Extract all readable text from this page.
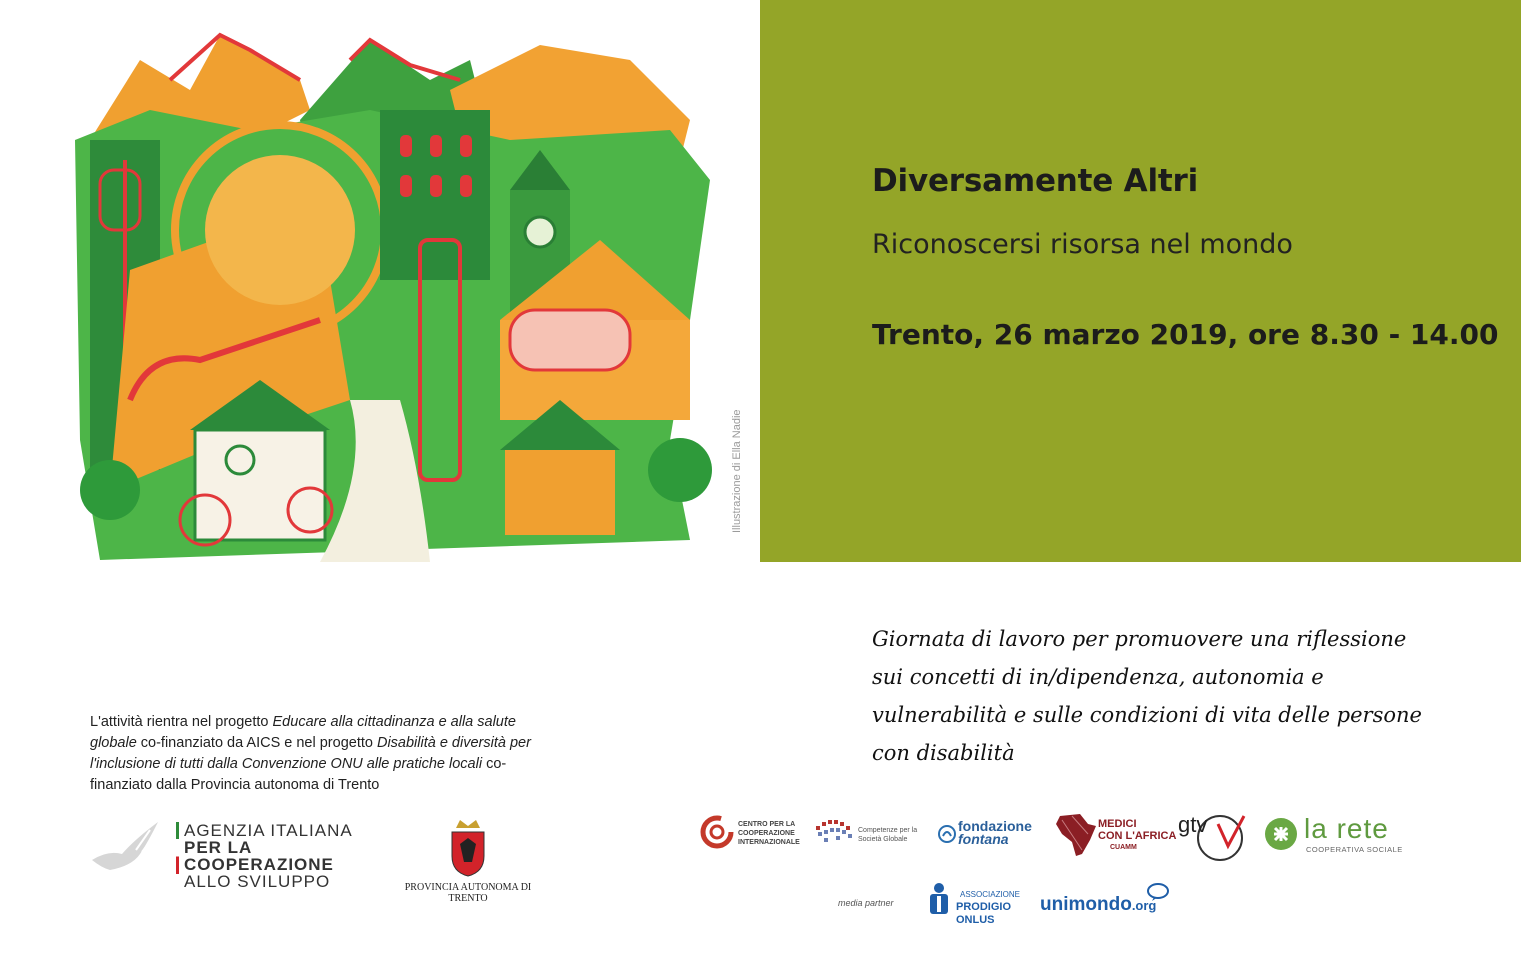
Illustrazione di Ella Nadie
Diversamente Altri

Riconoscersi risorsa nel mondo

Trento, 26 marzo 2019, ore 8.30 - 14.00

Giornata di lavoro per promuovere una riflessione
sui concetti di in/dipendenza, autonomia e
vulnerabilità e sulle condizioni di vita delle persone
con disabilità

L'attività rientra nel progetto Educare alla cittadinanza e alla salute globale co-finanziato da AICS e nel progetto Disabilità e diversità per l'inclusione di tutti dalla Convenzione ONU alle pratiche locali co-finanziato dalla Provincia autonoma di Trento

AGENZIA ITALIANA
PER LA COOPERAZIONE
ALLO SVILUPPO	PROVINCIA AUTONOMA DI TRENTO
CENTRO PER LA
COOPERAZIONE
INTERNAZIONALE
Competenze per la
Società Globale
fondazione
fontana
MEDICI
CON L'AFRICA
CUAMM
gtv	la rete
COOPERATIVA SOCIALE
media partner
ASSOCIAZIONE
PRODIGIO ONLUS
unimondo.org
